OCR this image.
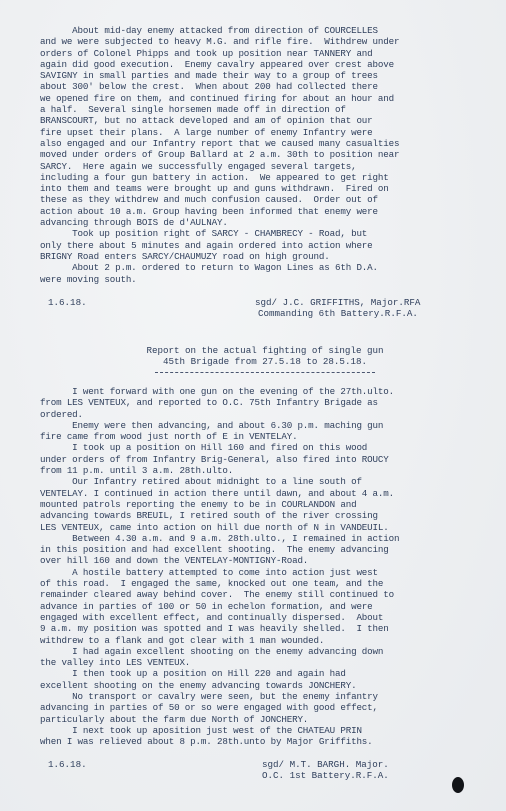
About mid-day enemy attacked from direction of COURCELLES
and we were subjected to heavy M.G. and rifle fire.  Withdrew under
orders of Colonel Phipps and took up position near TANNERY and
again did good execution.  Enemy cavalry appeared over crest above
SAVIGNY in small parties and made their way to a group of trees
about 300' below the crest.  When about 200 had collected there
we opened fire on them, and continued firing for about an hour and
a half.  Several single horsemen made off in direction of
BRANSCOURT, but no attack developed and am of opinion that our
fire upset their plans.  A large number of enemy Infantry were
also engaged and our Infantry report that we caused many casualties
moved under orders of Group Ballard at 2 a.m. 30th to position near
SARCY.  Here again we successfully engaged several targets,
including a four gun battery in action.  We appeared to get right
into them and teams were brought up and guns withdrawn.  Fired on
these as they withdrew and much confusion caused.  Order out of
action about 10 a.m. Group having been informed that enemy were
advancing through BOIS de d'AULNAY.
Took up position right of SARCY - CHAMBRECY - Road, but
only there about 5 minutes and again ordered into action where
BRIGNY Road enters SARCY/CHAUMUZY road on high ground.
About 2 p.m. ordered to return to Wagon Lines as 6th D.A.
were moving south.
1.6.18.	sgd/ J.C. GRIFFITHS, Major.RFA
Commanding 6th Battery.R.F.A.
Report on the actual fighting of single gun
45th Brigade from 27.5.18 to 28.5.18.
I went forward with one gun on the evening of the 27th.ulto.
from LES VENTEUX, and reported to O.C. 75th Infantry Brigade as
ordered.
Enemy were then advancing, and about 6.30 p.m. maching gun
fire came from wood just north of E in VENTELAY.
I took up a position on Hill 160 and fired on this wood
under orders of from Infantry Brig-General, also fired into ROUCY
from 11 p.m. until 3 a.m. 28th.ulto.
Our Infantry retired about midnight to a line south of
VENTELAY. I continued in action there until dawn, and about 4 a.m.
mounted patrols reporting the enemy to be in COURLANDON and
advancing towards BREUIL, I retired south of the river crossing
LES VENTEUX, came into action on hill due north of N in VANDEUIL.
Between 4.30 a.m. and 9 a.m. 28th.ulto., I remained in action
in this position and had excellent shooting.  The enemy advancing
over hill 160 and down the VENTELAY-MONTIGNY-Road.
A hostile battery attempted to come into action just west
of this road.  I engaged the same, knocked out one team, and the
remainder cleared away behind cover.  The enemy still continued to
advance in parties of 100 or 50 in echelon formation, and were
engaged with excellent effect, and continually dispersed.  About
9 a.m. my position was spotted and I was heavily shelled.  I then
withdrew to a flank and got clear with 1 man wounded.
I had again excellent shooting on the enemy advancing down
the valley into LES VENTEUX.
I then took up a position on Hill 220 and again had
excellent shooting on the enemy advancing towards JONCHERY.
No transport or cavalry were seen, but the enemy infantry
advancing in parties of 50 or so were engaged with good effect,
particularly about the farm due North of JONCHERY.
I next took up aposition just west of the CHATEAU PRIN
when I was relieved about 8 p.m. 28th.unto by Major Griffiths.
1.6.18.	sgd/ M.T. BARGH. Major.
O.C. 1st Battery.R.F.A.
